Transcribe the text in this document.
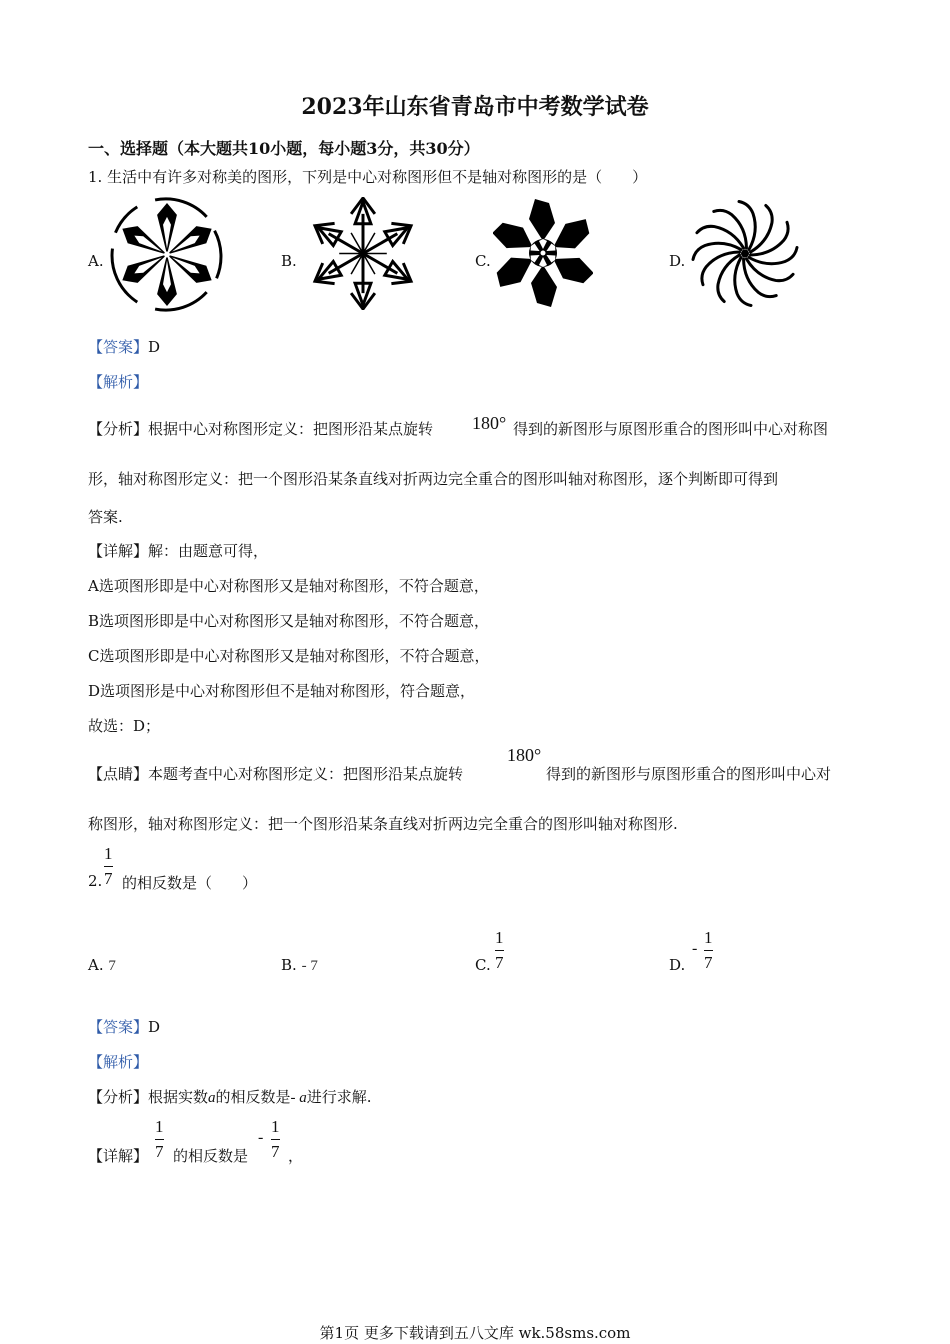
2023年山东省青岛市中考数学试卷
一、选择题（本大题共10小题，每小题3分，共30分）
1. 生活中有许多对称美的图形，下列是中心对称图形但不是轴对称图形的是（　　）
A.	B.	C.	D.
【答案】D
【解析】
【分析】根据中心对称图形定义：把图形沿某点旋转 180° 得到的新图形与原图形重合的图形叫中心对称图
形，轴对称图形定义：把一个图形沿某条直线对折两边完全重合的图形叫轴对称图形，逐个判断即可得到
答案.
【详解】解：由题意可得，
A选项图形即是中心对称图形又是轴对称图形，不符合题意，
B选项图形即是中心对称图形又是轴对称图形，不符合题意，
C选项图形即是中心对称图形又是轴对称图形，不符合题意，
D选项图形是中心对称图形但不是轴对称图形，符合题意，
故选：D；
【点睛】本题考查中心对称图形定义：把图形沿某点旋转
180°
得到的新图形与原图形重合的图形叫中心对
称图形，轴对称图形定义：把一个图形沿某条直线对折两边完全重合的图形叫轴对称图形.
2.
1
7 的相反数是（　　）
A. 7	B. - 7	C.
1
7	D.
-
1
7
【答案】D
【解析】
【分析】根据实数a的相反数是- a进行求解.
【详解】
1
7 的相反数是
-
1
7 ，
第1页 更多下载请到五八文库 wk.58sms.com
